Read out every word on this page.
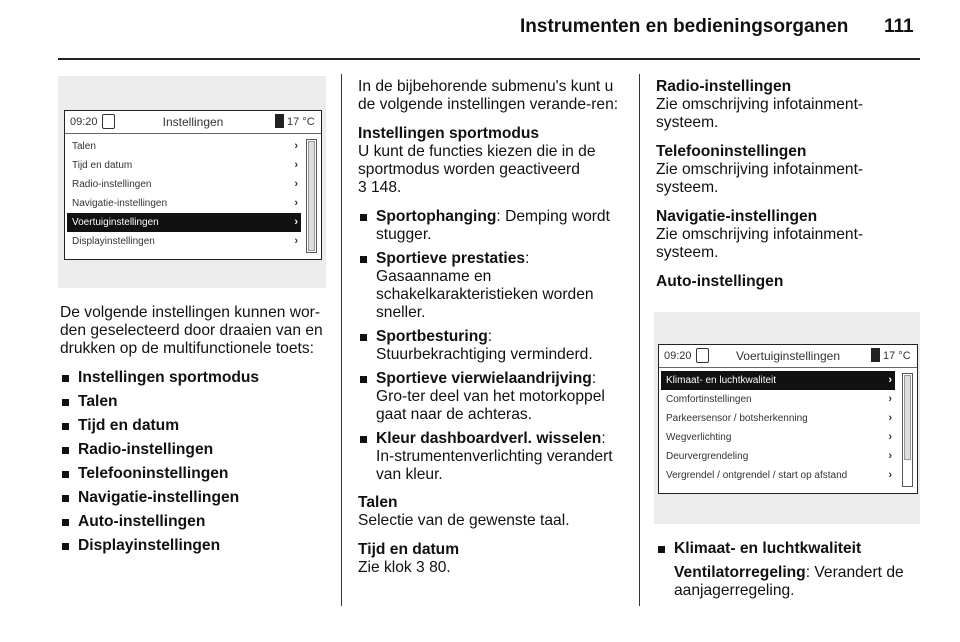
Instrumenten en bedieningsorganen 111
09:20	Instellingen	17 °C
Talen	›
Tijd en datum	›
Radio-instellingen	›
Navigatie-instellingen	›
Voertuiginstellingen	›
Displayinstellingen	›

De volgende instellingen kunnen wor-den geselecteerd door draaien van en drukken op de multifunctionele toets:

Instellingen sportmodus
Talen
Tijd en datum
Radio-instellingen
Telefooninstellingen
Navigatie-instellingen
Auto-instellingen
Displayinstellingen

In de bijbehorende submenu's kunt u de volgende instellingen verande-ren:

Instellingen sportmodus
U kunt de functies kiezen die in de sportmodus worden geactiveerd
3 148.

Sportophanging: Demping wordt stugger.
Sportieve prestaties: Gasaanname en schakelkarakteristieken worden sneller.
Sportbesturing: Stuurbekrachtiging verminderd.
Sportieve vierwielaandrijving: Gro-ter deel van het motorkoppel gaat naar de achteras.
Kleur dashboardverl. wisselen: In-strumentenverlichting verandert van kleur.

Talen
Selectie van de gewenste taal.

Tijd en datum
Zie klok 3 80.

Radio-instellingen
Zie omschrijving infotainment-systeem.

Telefooninstellingen
Zie omschrijving infotainment-systeem.

Navigatie-instellingen
Zie omschrijving infotainment-systeem.

Auto-instellingen

09:20	Voertuiginstellingen	17 °C
Klimaat- en luchtkwaliteit	›
Comfortinstellingen	›
Parkeersensor / botsherkenning	›
Wegverlichting	›
Deurvergrendeling	›
Vergrendel / ontgrendel / start op afstand	›
Klimaat- en luchtkwaliteit

Ventilatorregeling: Verandert de aanjagerregeling.
